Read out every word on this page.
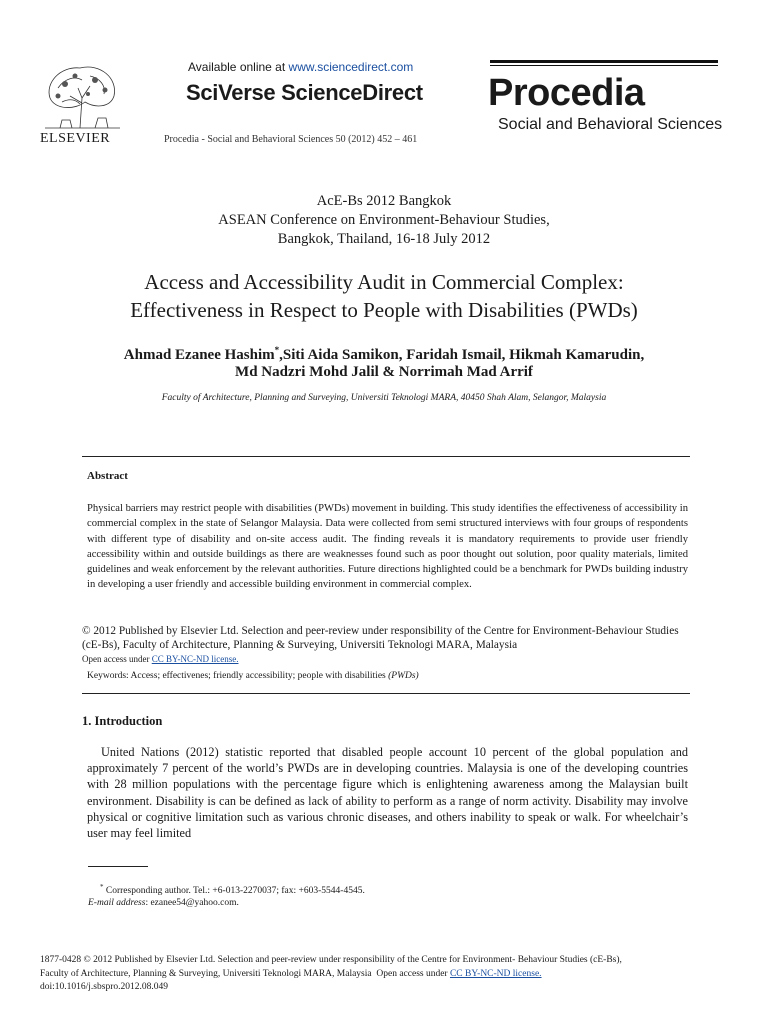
ELSEVIER
Available online at www.sciencedirect.com
SciVerse ScienceDirect
Procedia - Social and Behavioral Sciences 50 (2012) 452 – 461
Procedia
Social and Behavioral Sciences
AcE-Bs 2012 Bangkok
ASEAN Conference on Environment-Behaviour Studies,
Bangkok, Thailand, 16-18 July 2012
Access and Accessibility Audit in Commercial Complex:
Effectiveness in Respect to People with Disabilities (PWDs)
Ahmad Ezanee Hashim*,Siti Aida Samikon, Faridah Ismail, Hikmah Kamarudin,
Md Nadzri Mohd Jalil & Norrimah Mad Arrif
Faculty of Architecture, Planning and Surveying, Universiti Teknologi MARA, 40450 Shah Alam, Selangor, Malaysia
Abstract
Physical barriers may restrict people with disabilities (PWDs) movement in building. This study identifies the effectiveness of accessibility in commercial complex in the state of Selangor Malaysia. Data were collected from semi structured interviews with four groups of respondents with different type of disability and on-site access audit. The finding reveals it is mandatory requirements to provide user friendly accessibility within and outside buildings as there are weaknesses found such as poor thought out solution, poor quality materials, limited guidelines and weak enforcement by the relevant authorities. Future directions highlighted could be a benchmark for PWDs building industry in developing a user friendly and accessible building environment in commercial complex.
© 2012 Published by Elsevier Ltd. Selection and peer-review under responsibility of the Centre for Environment-Behaviour Studies (cE-Bs), Faculty of Architecture, Planning & Surveying, Universiti Teknologi MARA, Malaysia
Open access under CC BY-NC-ND license.
Keywords: Access; effectivenes; friendly accessibility; people with disabilities (PWDs)
1. Introduction
United Nations (2012) statistic reported that disabled people account 10 percent of the global population and approximately 7 percent of the world’s PWDs are in developing countries. Malaysia is one of the developing countries with 28 million populations with the percentage figure which is enlightening awareness among the Malaysian built environment. Disability is can be defined as lack of ability to perform as a range of norm activity. Disability may involve physical or cognitive limitation such as various chronic diseases, and others inability to speak or walk. For wheelchair’s user may feel limited
* Corresponding author. Tel.: +6-013-2270037; fax: +603-5544-4545.
E-mail address: ezanee54@yahoo.com.
1877-0428 © 2012 Published by Elsevier Ltd. Selection and peer-review under responsibility of the Centre for Environment- Behaviour Studies (cE-Bs),
Faculty of Architecture, Planning & Surveying, Universiti Teknologi MARA, Malaysia  Open access under CC BY-NC-ND license.
doi:10.1016/j.sbspro.2012.08.049
